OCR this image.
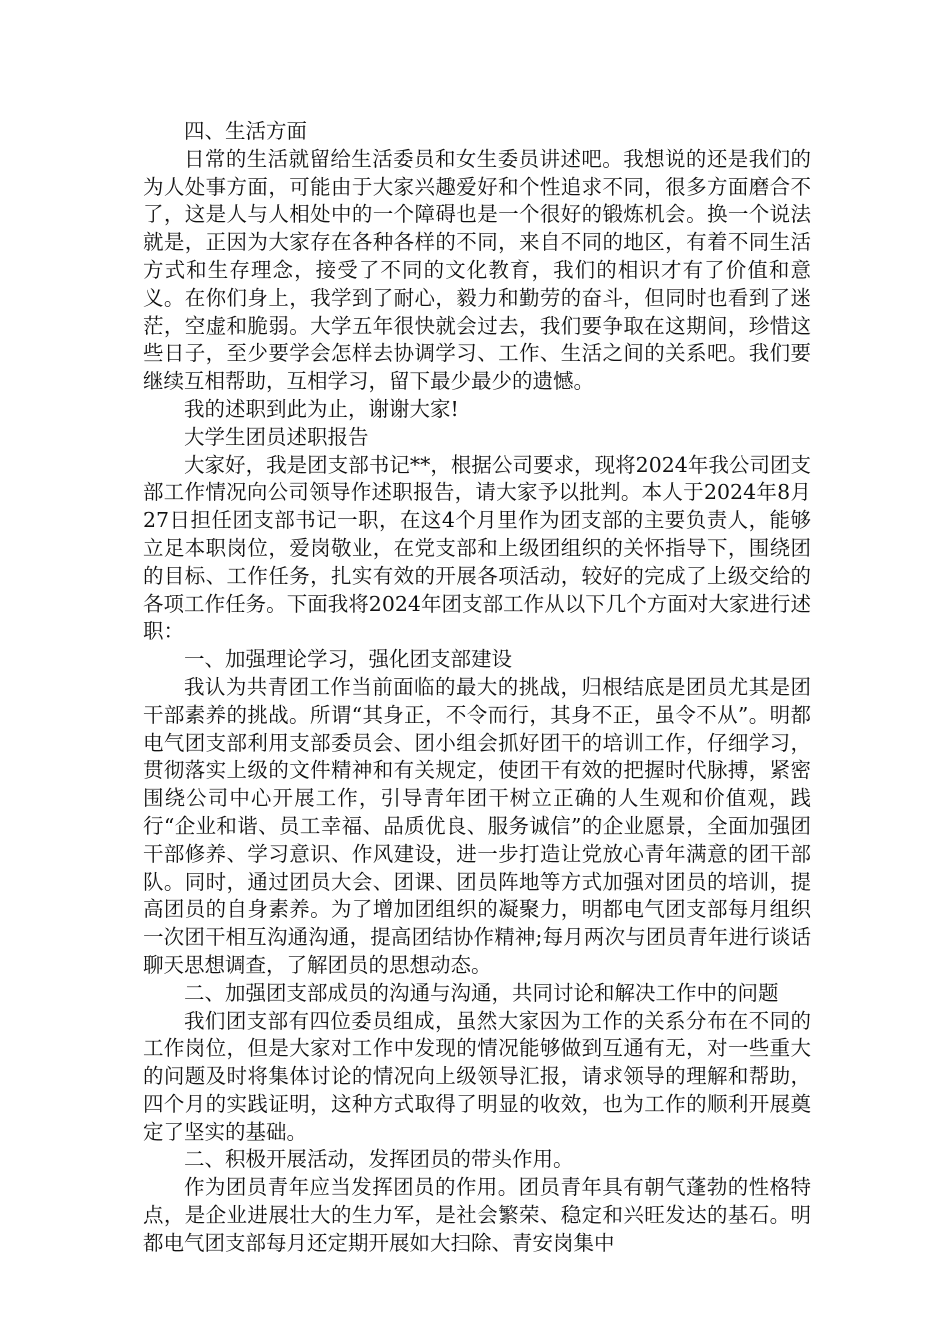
四、生活方面

日常的生活就留给生活委员和女生委员讲述吧。我想说的还是我们的为人处事方面，可能由于大家兴趣爱好和个性追求不同，很多方面磨合不了，这是人与人相处中的一个障碍也是一个很好的锻炼机会。换一个说法就是，正因为大家存在各种各样的不同，来自不同的地区，有着不同生活方式和生存理念，接受了不同的文化教育，我们的相识才有了价值和意义。在你们身上，我学到了耐心，毅力和勤劳的奋斗，但同时也看到了迷茫，空虚和脆弱。大学五年很快就会过去，我们要争取在这期间，珍惜这些日子，至少要学会怎样去协调学习、工作、生活之间的关系吧。我们要继续互相帮助，互相学习，留下最少最少的遗憾。

我的述职到此为止，谢谢大家!

大学生团员述职报告

大家好，我是团支部书记**，根据公司要求，现将2024年我公司团支部工作情况向公司领导作述职报告，请大家予以批判。本人于2024年8月27日担任团支部书记一职，在这4个月里作为团支部的主要负责人，能够立足本职岗位，爱岗敬业，在党支部和上级团组织的关怀指导下，围绕团的目标、工作任务，扎实有效的开展各项活动，较好的完成了上级交给的各项工作任务。下面我将2024年团支部工作从以下几个方面对大家进行述职：

一、加强理论学习，强化团支部建设

我认为共青团工作当前面临的最大的挑战，归根结底是团员尤其是团干部素养的挑战。所谓“其身正，不令而行，其身不正，虽令不从”。明都电气团支部利用支部委员会、团小组会抓好团干的培训工作，仔细学习，贯彻落实上级的文件精神和有关规定，使团干有效的把握时代脉搏，紧密围绕公司中心开展工作，引导青年团干树立正确的人生观和价值观，践行“企业和谐、员工幸福、品质优良、服务诚信”的企业愿景，全面加强团干部修养、学习意识、作风建设，进一步打造让党放心青年满意的团干部队。同时，通过团员大会、团课、团员阵地等方式加强对团员的培训，提高团员的自身素养。为了增加团组织的凝聚力，明都电气团支部每月组织一次团干相互沟通沟通，提高团结协作精神;每月两次与团员青年进行谈话聊天思想调查，了解团员的思想动态。

二、加强团支部成员的沟通与沟通，共同讨论和解决工作中的问题

我们团支部有四位委员组成，虽然大家因为工作的关系分布在不同的工作岗位，但是大家对工作中发现的情况能够做到互通有无，对一些重大的问题及时将集体讨论的情况向上级领导汇报，请求领导的理解和帮助，四个月的实践证明，这种方式取得了明显的收效，也为工作的顺利开展奠定了坚实的基础。

二、积极开展活动，发挥团员的带头作用。

作为团员青年应当发挥团员的作用。团员青年具有朝气蓬勃的性格特点，是企业进展壮大的生力军，是社会繁荣、稳定和兴旺发达的基石。明都电气团支部每月还定期开展如大扫除、青安岗集中
